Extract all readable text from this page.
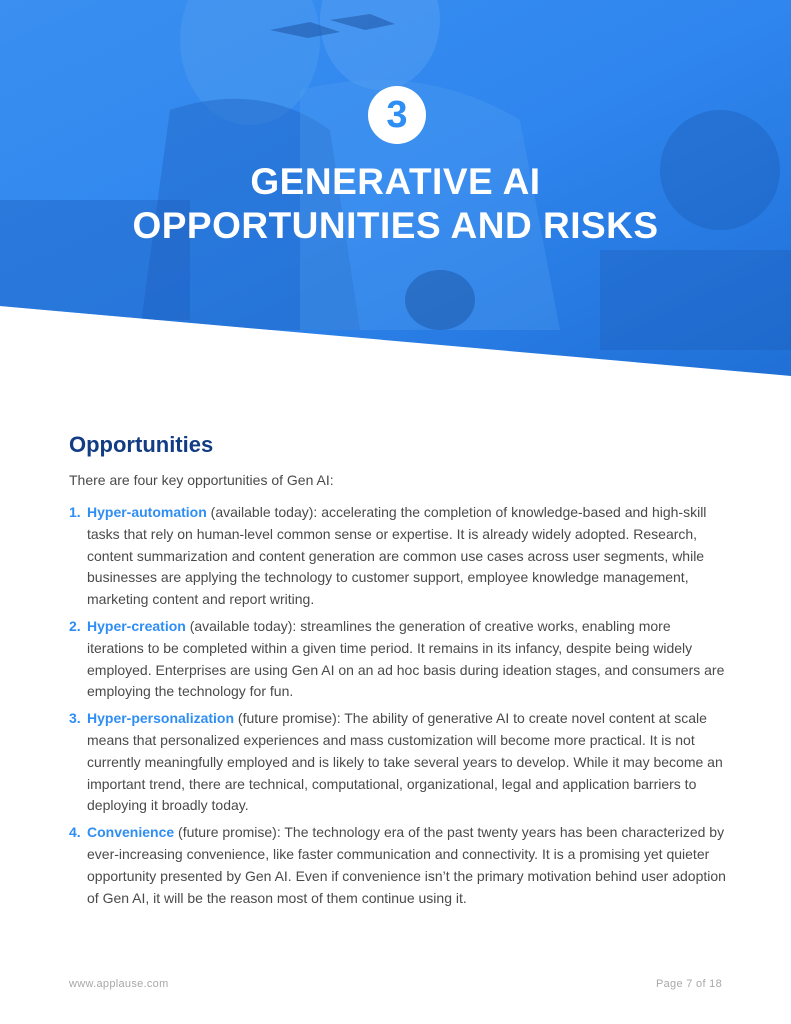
3
GENERATIVE AI
OPPORTUNITIES AND RISKS
Opportunities

There are four key opportunities of Gen AI:

1. Hyper-automation (available today): accelerating the completion of knowledge-based and high-skill tasks that rely on human-level common sense or expertise. It is already widely adopted. Research, content summarization and content generation are common use cases across user segments, while businesses are applying the technology to customer support, employee knowledge management, marketing content and report writing.
2. Hyper-creation (available today): streamlines the generation of creative works, enabling more iterations to be completed within a given time period. It remains in its infancy, despite being widely employed. Enterprises are using Gen AI on an ad hoc basis during ideation stages, and consumers are employing the technology for fun.
3. Hyper-personalization (future promise): The ability of generative AI to create novel content at scale means that personalized experiences and mass customization will become more practical. It is not currently meaningfully employed and is likely to take several years to develop. While it may become an important trend, there are technical, computational, organizational, legal and application barriers to deploying it broadly today.
4. Convenience (future promise): The technology era of the past twenty years has been characterized by ever-increasing convenience, like faster communication and connectivity. It is a promising yet quieter opportunity presented by Gen AI. Even if convenience isn’t the primary motivation behind user adoption of Gen AI, it will be the reason most of them continue using it.
www.applause.com	Page 7 of 18
